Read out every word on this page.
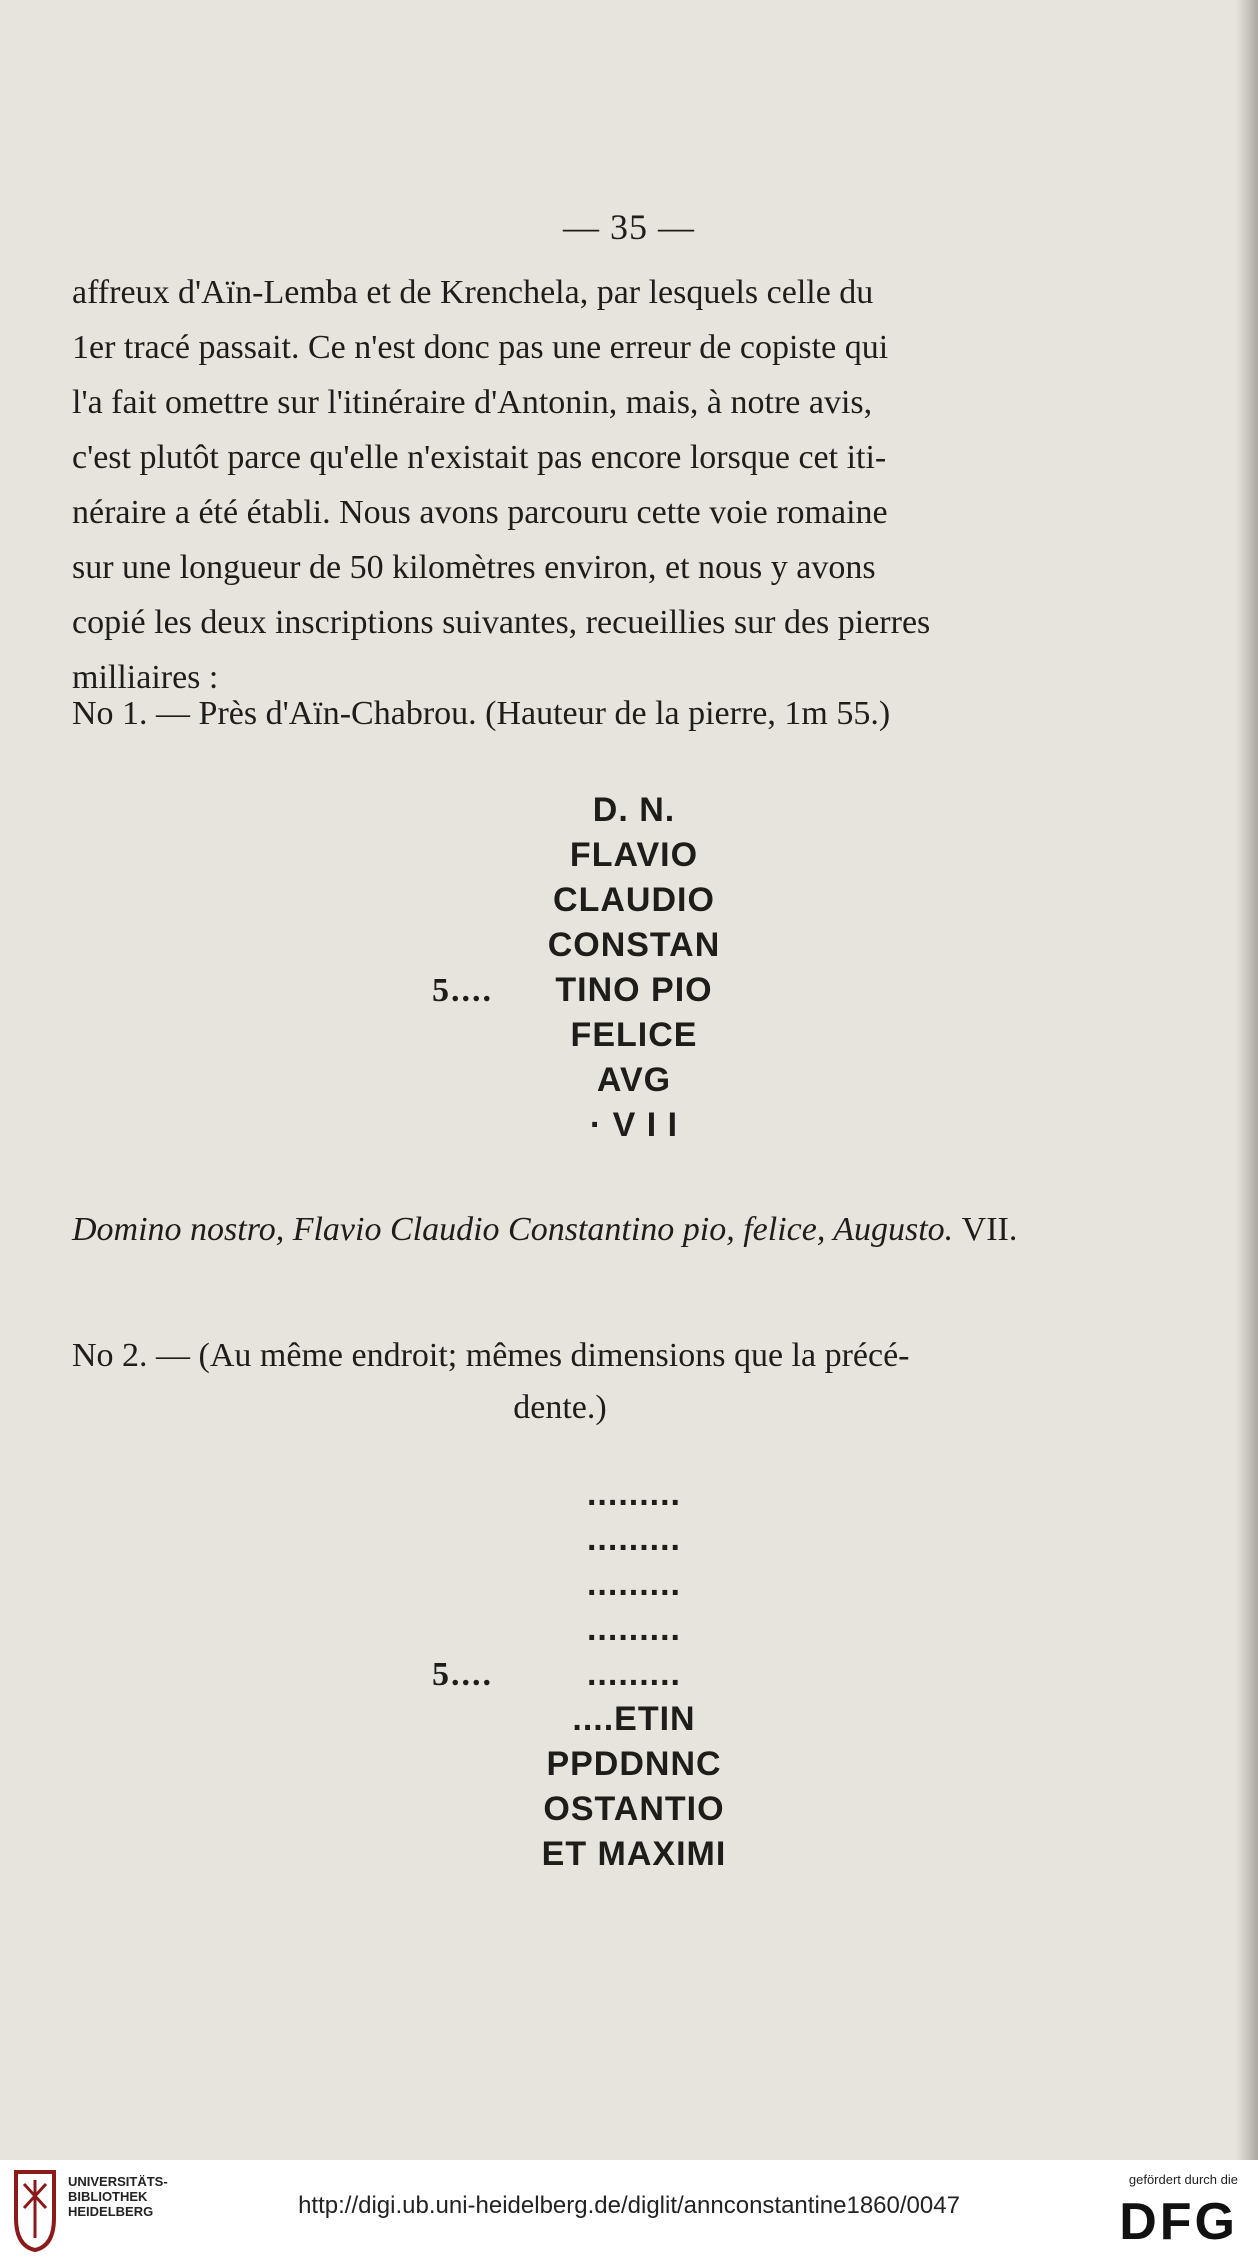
— 35 —

affreux d'Aïn-Lemba et de Krenchela, par lesquels celle du

1er tracé passait. Ce n'est donc pas une erreur de copiste qui

l'a fait omettre sur l'itinéraire d'Antonin, mais, à notre avis,

c'est plutôt parce qu'elle n'existait pas encore lorsque cet iti-

néraire a été établi. Nous avons parcouru cette voie romaine

sur une longueur de 50 kilomètres environ, et nous y avons

copié les deux inscriptions suivantes, recueillies sur des pierres

milliaires :

No 1. — Près d'Aïn-Chabrou. (Hauteur de la pierre, 1m 55.)
D. N.
FLAVIO
CLAUDIO
CONSTAN
5.... TINO PIO
FELICE
AVG
· V I I
Domino nostro, Flavio Claudio Constantino pio, felice, Augusto. VII.
No 2. — (Au même endroit; mêmes dimensions que la précé-
dente.)
.........
.........
.........
.........
5....	.........
....ETIN
PPDDNNC
OSTANTIO
ET MAXIMI
UNIVERSITÄTS-
BIBLIOTHEK
HEIDELBERG	http://digi.ub.uni-heidelberg.de/diglit/annconstantine1860/0047
gefördert durch die
DFG
